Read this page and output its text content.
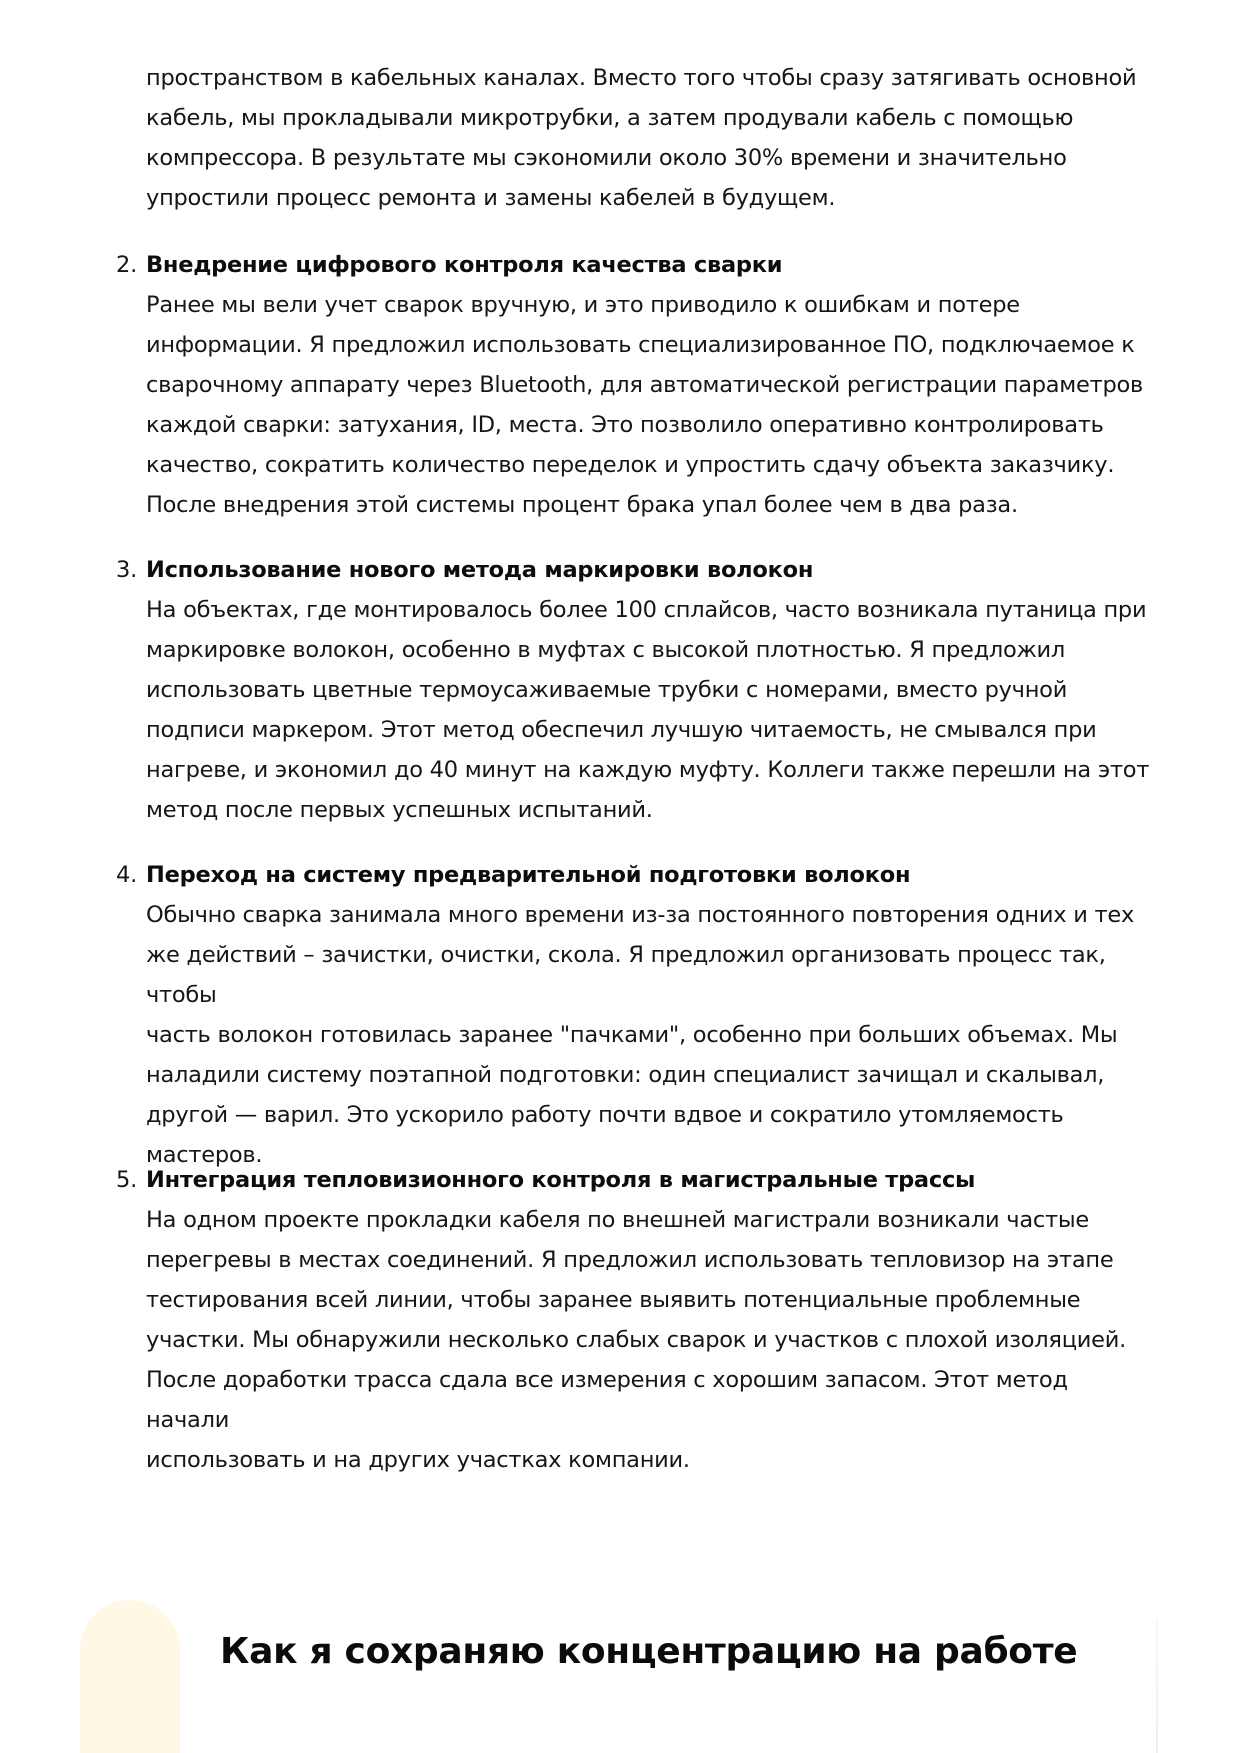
пространством в кабельных каналах. Вместо того чтобы сразу затягивать основной
кабель, мы прокладывали микротрубки, а затем продували кабель с помощью
компрессора. В результате мы сэкономили около 30% времени и значительно
упростили процесс ремонта и замены кабелей в будущем.
2. Внедрение цифрового контроля качества сварки
Ранее мы вели учет сварок вручную, и это приводило к ошибкам и потере
информации. Я предложил использовать специализированное ПО, подключаемое к
сварочному аппарату через Bluetooth, для автоматической регистрации параметров
каждой сварки: затухания, ID, места. Это позволило оперативно контролировать
качество, сократить количество переделок и упростить сдачу объекта заказчику.
После внедрения этой системы процент брака упал более чем в два раза.
3. Использование нового метода маркировки волокон
На объектах, где монтировалось более 100 сплайсов, часто возникала путаница при
маркировке волокон, особенно в муфтах с высокой плотностью. Я предложил
использовать цветные термоусаживаемые трубки с номерами, вместо ручной
подписи маркером. Этот метод обеспечил лучшую читаемость, не смывался при
нагреве, и экономил до 40 минут на каждую муфту. Коллеги также перешли на этот
метод после первых успешных испытаний.
4. Переход на систему предварительной подготовки волокон
Обычно сварка занимала много времени из-за постоянного повторения одних и тех
же действий – зачистки, очистки, скола. Я предложил организовать процесс так, чтобы
часть волокон готовилась заранее "пачками", особенно при больших объемах. Мы
наладили систему поэтапной подготовки: один специалист зачищал и скалывал,
другой — варил. Это ускорило работу почти вдвое и сократило утомляемость
мастеров.
5. Интеграция тепловизионного контроля в магистральные трассы
На одном проекте прокладки кабеля по внешней магистрали возникали частые
перегревы в местах соединений. Я предложил использовать тепловизор на этапе
тестирования всей линии, чтобы заранее выявить потенциальные проблемные
участки. Мы обнаружили несколько слабых сварок и участков с плохой изоляцией.
После доработки трасса сдала все измерения с хорошим запасом. Этот метод начали
использовать и на других участках компании.
Как я сохраняю концентрацию на работе
